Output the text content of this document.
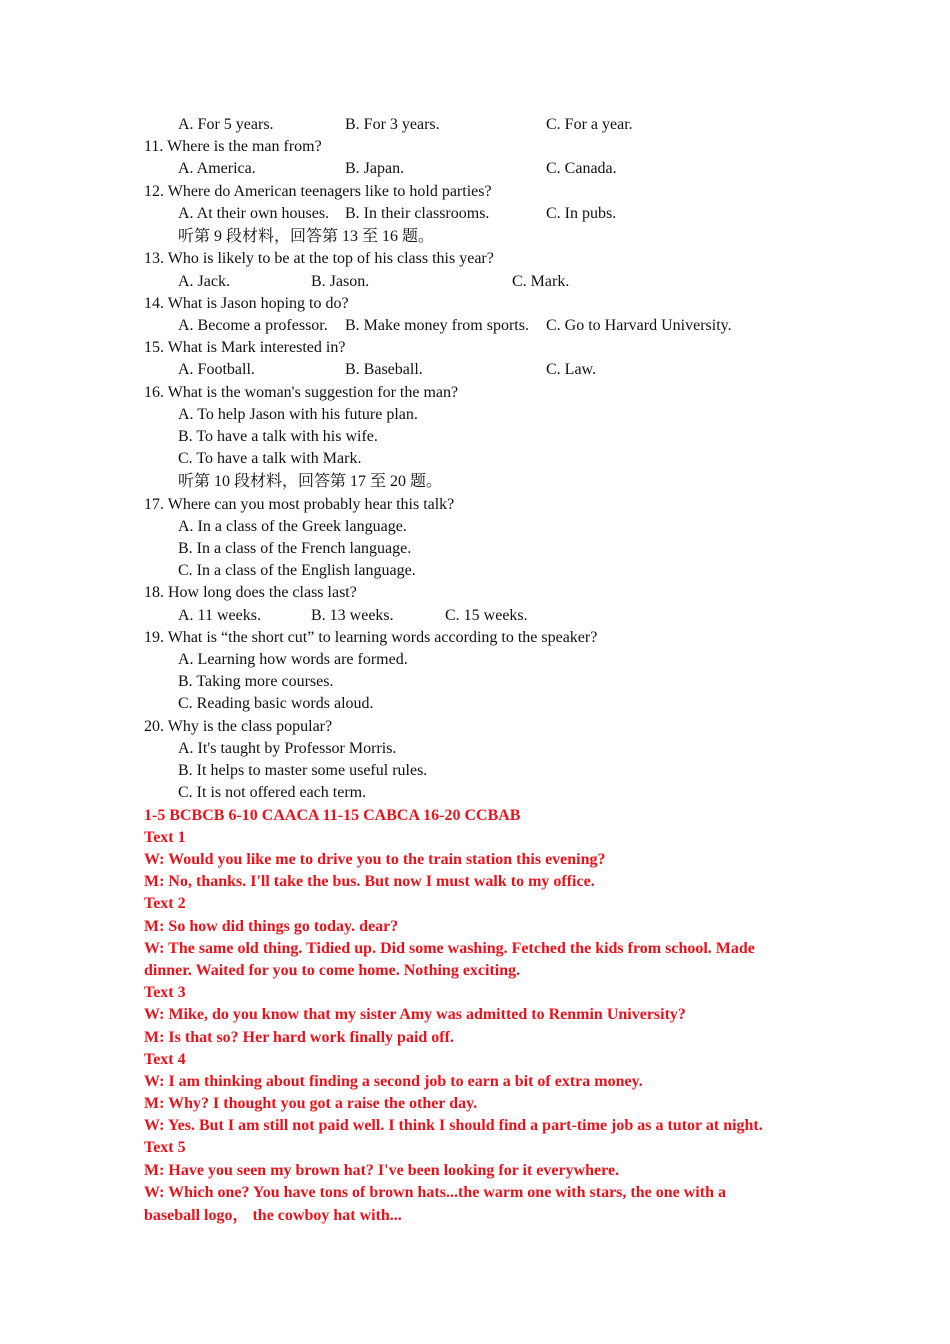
A. For 5 years.	B. For 3 years.	C. For a year.
11. Where is the man from?
A. America.	B. Japan.	C. Canada.
12. Where do American teenagers like to hold parties?
A. At their own houses. B. In their classrooms.	C. In pubs.
听第 9 段材料，回答第 13 至 16 题。
13. Who is likely to be at the top of his class this year?
A. Jack.	B. Jason.	C. Mark.
14. What is Jason hoping to do?
A. Become a professor. B. Make money from sports. C. Go to Harvard University.
15. What is Mark interested in?
A. Football.	B. Baseball.	C. Law.
16. What is the woman's suggestion for the man?
A. To help Jason with his future plan.
B. To have a talk with his wife.
C. To have a talk with Mark.
听第 10 段材料，回答第 17 至 20 题。
17. Where can you most probably hear this talk?
A. In a class of the Greek language.
B. In a class of the French language.
C. In a class of the English language.
18. How long does the class last?
A. 11 weeks.	B. 13 weeks.	C. 15 weeks.
19. What is “the short cut” to learning words according to the speaker?
A. Learning how words are formed.
B. Taking more courses.
C. Reading basic words aloud.
20. Why is the class popular?
A. It's taught by Professor Morris.
B. It helps to master some useful rules.
C. It is not offered each term.
1-5 BCBCB 6-10 CAACA 11-15 CABCA 16-20 CCBAB
Text 1
W: Would you like me to drive you to the train station this evening?
M: No, thanks. I'll take the bus. But now I must walk to my office.
Text 2
M: So how did things go today. dear?
W: The same old thing. Tidied up. Did some washing. Fetched the kids from school. Made
dinner. Waited for you to come home. Nothing exciting.
Text 3
W: Mike, do you know that my sister Amy was admitted to Renmin University?
M: Is that so? Her hard work finally paid off.
Text 4
W: I am thinking about finding a second job to earn a bit of extra money.
M: Why? I thought you got a raise the other day.
W: Yes. But I am still not paid well. I think I should find a part-time job as a tutor at night.
Text 5
M: Have you seen my brown hat? I've been looking for it everywhere.
W: Which one? You have tons of brown hats...the warm one with stars, the one with a
baseball logo， the cowboy hat with...
